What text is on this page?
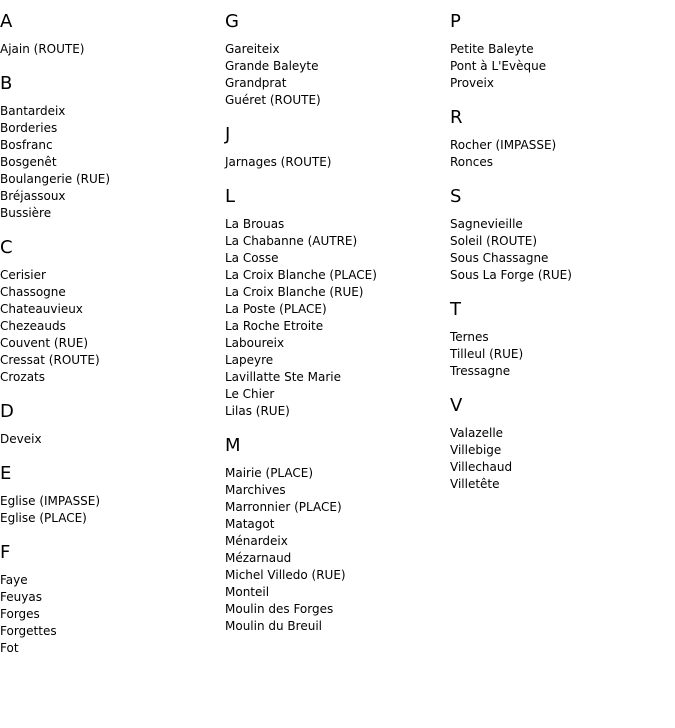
A
Ajain (ROUTE)
B
Bantardeix
Borderies
Bosfranc
Bosgenêt
Boulangerie (RUE)
Bréjassoux
Bussière
C
Cerisier
Chassogne
Chateauvieux
Chezeauds
Couvent (RUE)
Cressat (ROUTE)
Crozats
D
Deveix
E
Eglise (IMPASSE)
Eglise (PLACE)
F
Faye
Feuyas
Forges
Forgettes
Fot
G
Gareiteix
Grande Baleyte
Grandprat
Guéret (ROUTE)
J
Jarnages (ROUTE)
L
La Brouas
La Chabanne (AUTRE)
La Cosse
La Croix Blanche (PLACE)
La Croix Blanche (RUE)
La Poste (PLACE)
La Roche Etroite
Laboureix
Lapeyre
Lavillatte Ste Marie
Le Chier
Lilas (RUE)
M
Mairie (PLACE)
Marchives
Marronnier (PLACE)
Matagot
Ménardeix
Mézarnaud
Michel Villedo (RUE)
Monteil
Moulin des Forges
Moulin du Breuil
P
Petite Baleyte
Pont à L'Evèque
Proveix
R
Rocher (IMPASSE)
Ronces
S
Sagnevieille
Soleil (ROUTE)
Sous Chassagne
Sous La Forge (RUE)
T
Ternes
Tilleul (RUE)
Tressagne
V
Valazelle
Villebige
Villechaud
Villetête
